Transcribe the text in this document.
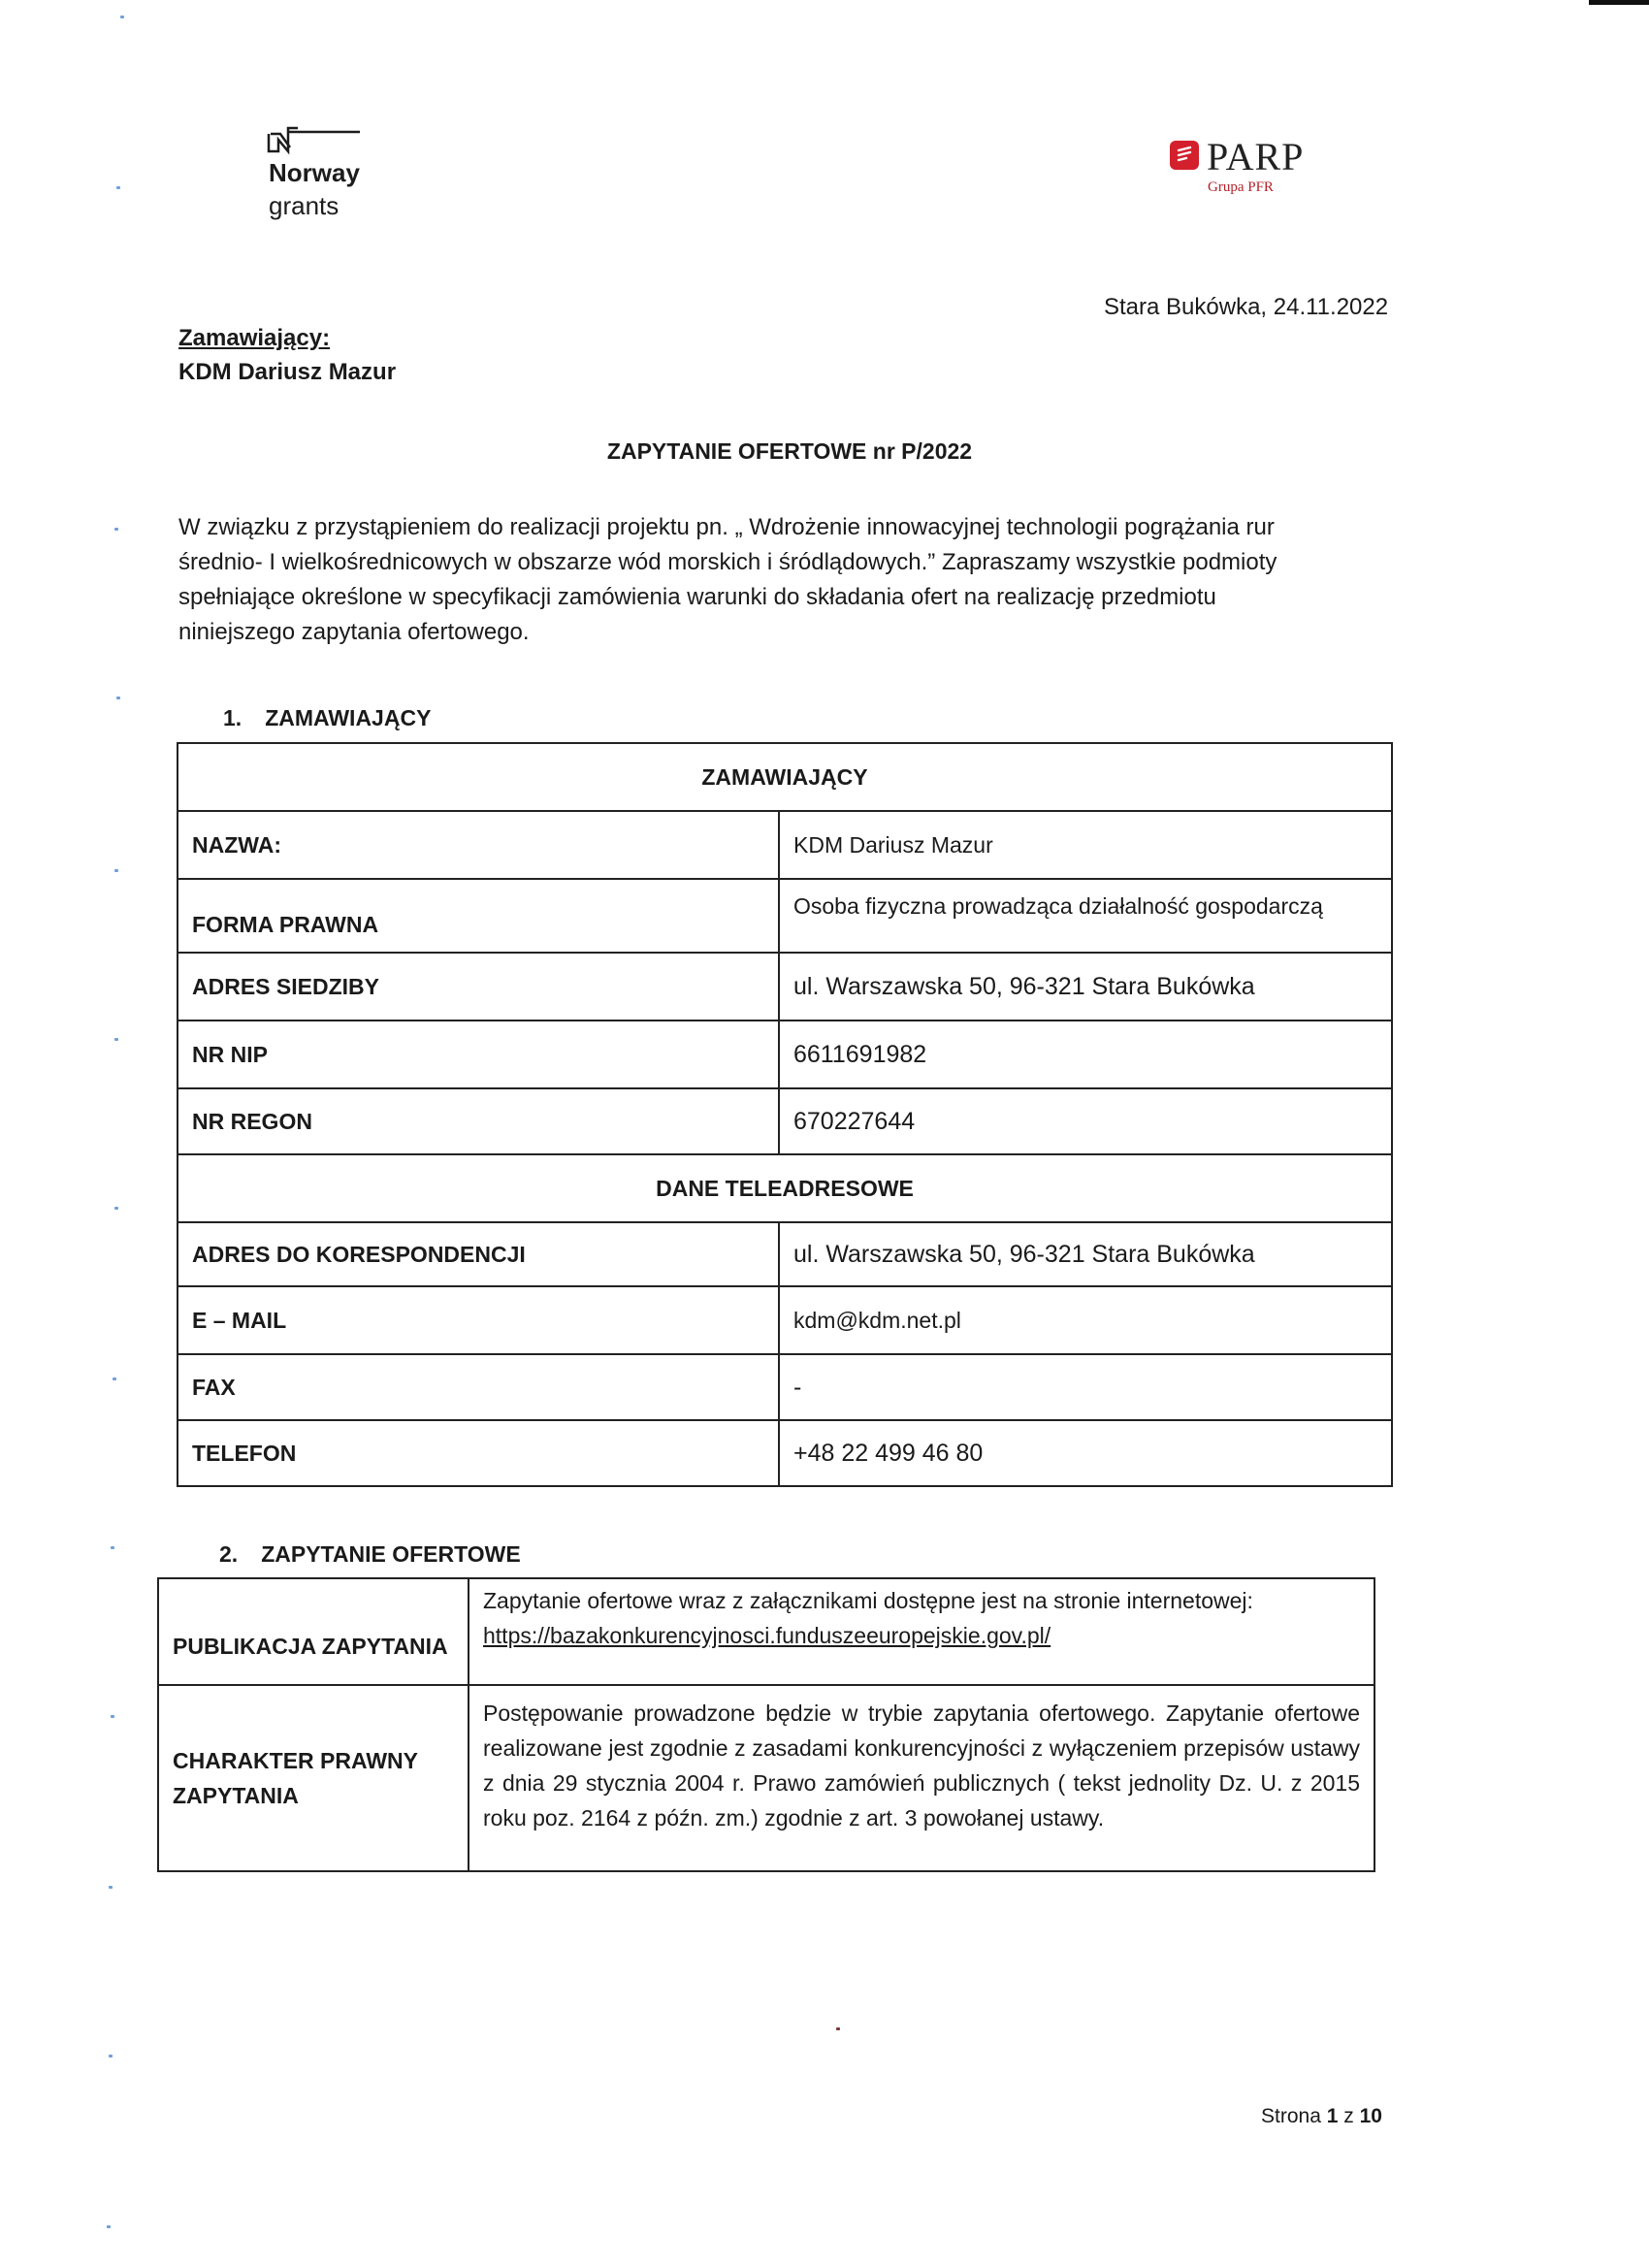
Norway
grants
PARP
Grupa PFR
Stara Bukówka, 24.11.2022
Zamawiający:
KDM Dariusz Mazur
ZAPYTANIE OFERTOWE nr P/2022
W związku z przystąpieniem do realizacji projektu pn. „ Wdrożenie innowacyjnej technologii pogrążania rur
średnio- I wielkośrednicowych w obszarze wód morskich i śródlądowych.” Zapraszamy wszystkie podmioty
spełniające określone w specyfikacji zamówienia warunki do składania ofert na realizację przedmiotu
niniejszego zapytania ofertowego.
1. ZAMAWIAJĄCY
ZAMAWIAJĄCY	
NAZWA:	KDM Dariusz Mazur
FORMA PRAWNA	Osoba fizyczna prowadząca działalność gospodarczą
ADRES SIEDZIBY	ul. Warszawska 50, 96-321 Stara Bukówka
NR NIP	6611691982
NR REGON	670227644
DANE TELEADRESOWE	
ADRES DO KORESPONDENCJI	ul. Warszawska 50, 96-321 Stara Bukówka
E – MAIL	kdm@kdm.net.pl
FAX	-
TELEFON	+48 22 499 46 80
2. ZAPYTANIE OFERTOWE
PUBLIKACJA ZAPYTANIA	Zapytanie ofertowe wraz z załącznikami dostępne jest na stronie internetowej:
https://bazakonkurencyjnosci.funduszeeuropejskie.gov.pl/

CHARAKTER PRAWNY
ZAPYTANIA	Postępowanie prowadzone będzie w trybie zapytania ofertowego. Zapytanie ofertowe realizowane jest zgodnie z zasadami konkurencyjności z wyłączeniem przepisów ustawy z dnia 29 stycznia 2004 r. Prawo zamówień publicznych ( tekst jednolity Dz. U. z 2015 roku poz. 2164 z późn. zm.) zgodnie z art. 3 powołanej ustawy.
Strona 1 z 10
